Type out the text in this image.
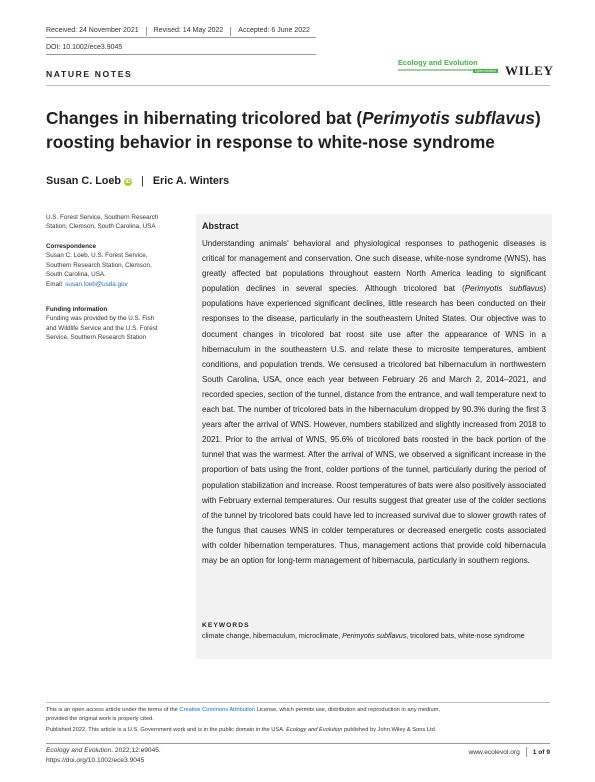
Received: 24 November 2021 Revised: 14 May 2022 Accepted: 6 June 2022
DOI: 10.1002/ece3.9045
NATURE NOTES
Ecology and Evolution
Open Access WILEY
Changes in hibernating tricolored bat (Perimyotis subflavus) roosting behavior in response to white-nose syndrome
Susan C. Loeb iD | Eric A. Winters
U.S. Forest Service, Southern Research
Station, Clemson, South Carolina, USA
Correspondence
Susan C. Loeb, U.S. Forest Service,
Southern Research Station, Clemson,
South Carolina, USA.
Email: susan.loeb@usda.gov
Funding information
Funding was provided by the U.S. Fish
and Wildlife Service and the U.S. Forest
Service, Southern Research Station
Abstract

Understanding animals' behavioral and physiological responses to pathogenic diseases is critical for management and conservation. One such disease, white-nose syndrome (WNS), has greatly affected bat populations throughout eastern North America leading to significant population declines in several species. Although tricolored bat (Perimyotis subflavus) populations have experienced significant declines, little research has been conducted on their responses to the disease, particularly in the southeastern United States. Our objective was to document changes in tricolored bat roost site use after the appearance of WNS in a hibernaculum in the southeastern U.S. and relate these to microsite temperatures, ambient conditions, and population trends. We censused a tricolored bat hibernaculum in northwestern South Carolina, USA, once each year between February 26 and March 2, 2014–2021, and recorded species, section of the tunnel, distance from the entrance, and wall temperature next to each bat. The number of tricolored bats in the hibernaculum dropped by 90.3% during the first 3 years after the arrival of WNS. However, numbers stabilized and slightly increased from 2018 to 2021. Prior to the arrival of WNS, 95.6% of tricolored bats roosted in the back portion of the tunnel that was the warmest. After the arrival of WNS, we observed a significant increase in the proportion of bats using the front, colder portions of the tunnel, particularly during the period of population stabilization and increase. Roost temperatures of bats were also positively associated with February external temperatures. Our results suggest that greater use of the colder sections of the tunnel by tricolored bats could have led to increased survival due to slower growth rates of the fungus that causes WNS in colder temperatures or decreased energetic costs associated with colder hibernation temperatures. Thus, management actions that provide cold hibernacula may be an option for long-term management of hibernacula, particularly in southern regions.

KEYWORDS

climate change, hibernaculum, microclimate, Perimyotis subflavus, tricolored bats, white-nose syndrome

This is an open access article under the terms of the Creative Commons Attribution License, which permits use, distribution and reproduction in any medium,
provided the original work is properly cited.
Published 2022. This article is a U.S. Government work and is in the public domain in the USA. Ecology and Evolution published by John Wiley & Sons Ltd.
Ecology and Evolution. 2022;12:e9045.
https://doi.org/10.1002/ece3.9045
www.ecolevol.org 1 of 9
